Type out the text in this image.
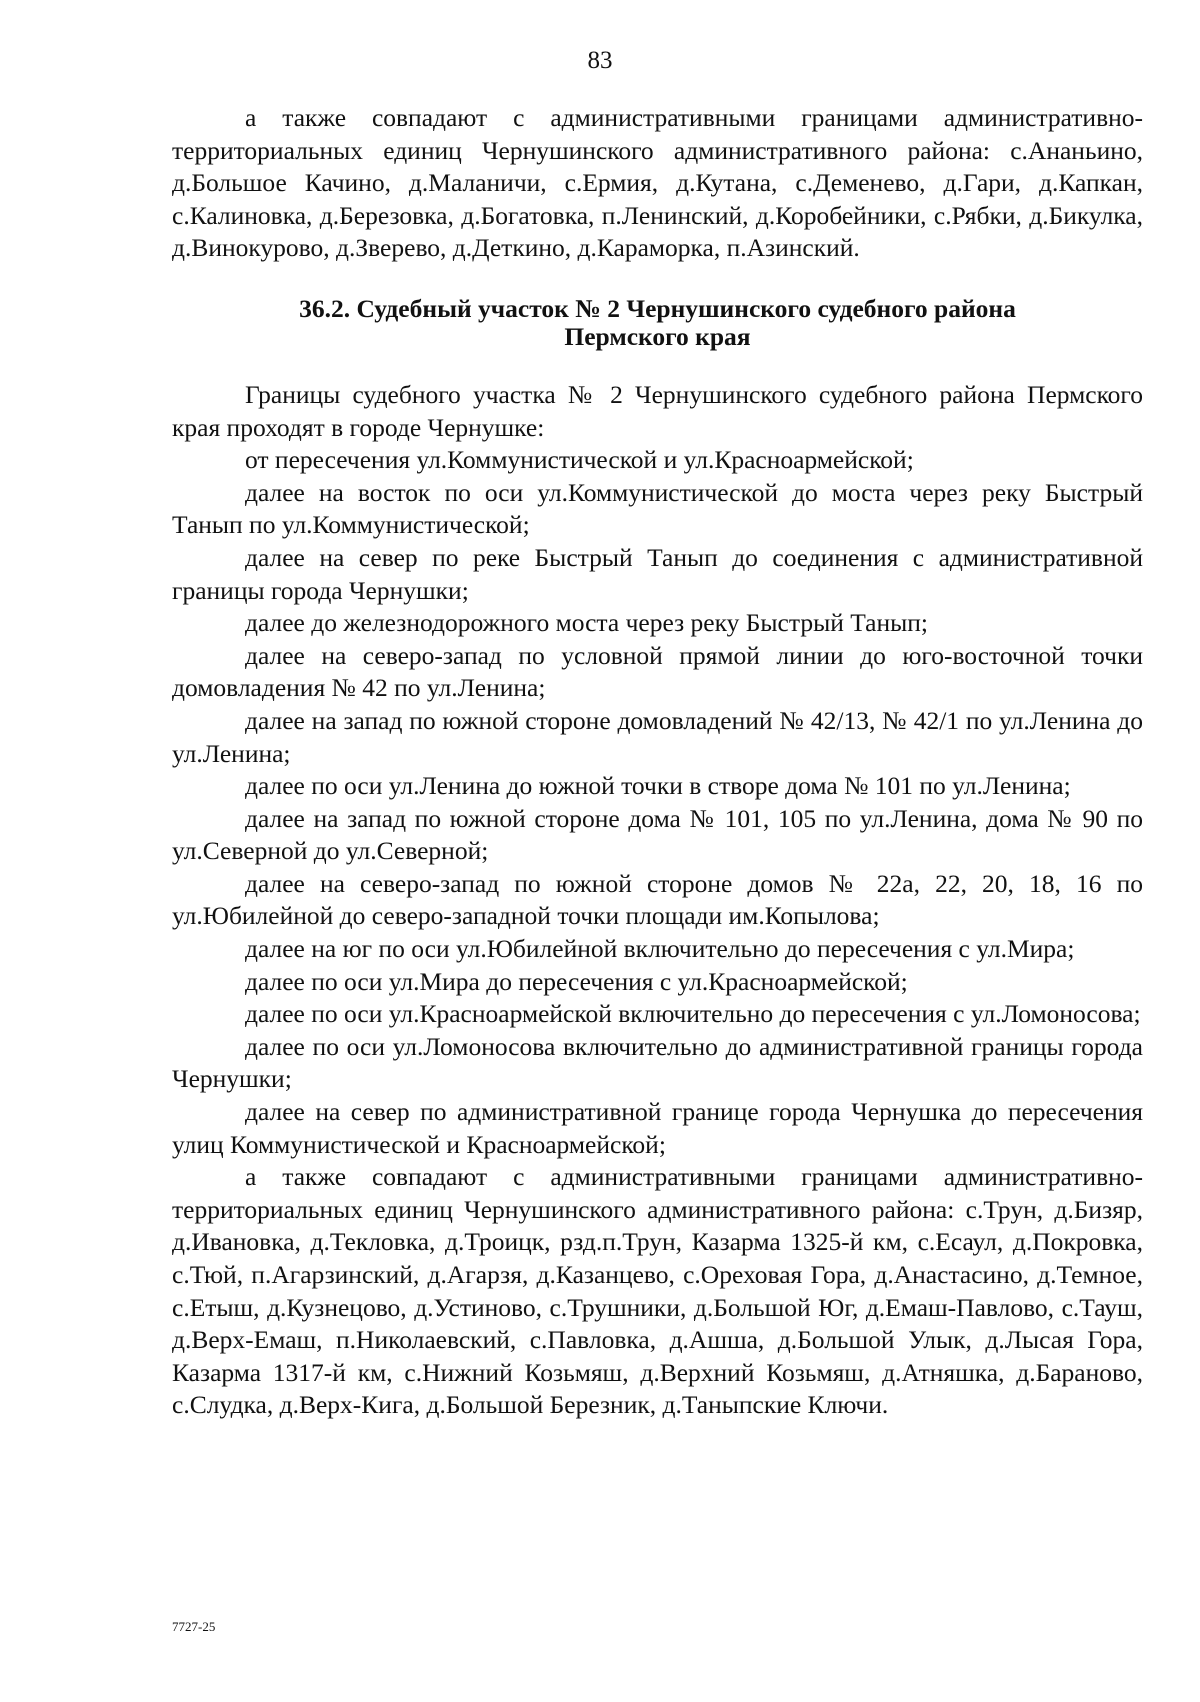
83

а также совпадают с административными границами административно-территориальных единиц Чернушинского административного района: с.Ананьино, д.Большое Качино, д.Маланичи, с.Ермия, д.Кутана, с.Деменево, д.Гари, д.Капкан, с.Калиновка, д.Березовка, д.Богатовка, п.Ленинский, д.Коробейники, с.Рябки, д.Бикулка, д.Винокурово, д.Зверево, д.Деткино, д.Караморка, п.Азинский.

36.2. Судебный участок № 2 Чернушинского судебного района

Пермского края

Границы судебного участка № 2 Чернушинского судебного района Пермского края проходят в городе Чернушке:

от пересечения ул.Коммунистической и ул.Красноармейской;

далее на восток по оси ул.Коммунистической до моста через реку Быстрый Танып по ул.Коммунистической;

далее на север по реке Быстрый Танып до соединения с административной границы города Чернушки;

далее до железнодорожного моста через реку Быстрый Танып;

далее на северо-запад по условной прямой линии до юго-восточной точки домовладения № 42 по ул.Ленина;

далее на запад по южной стороне домовладений № 42/13, № 42/1 по ул.Ленина до ул.Ленина;

далее по оси ул.Ленина до южной точки в створе дома № 101 по ул.Ленина;

далее на запад по южной стороне дома № 101, 105 по ул.Ленина, дома № 90 по ул.Северной до ул.Северной;

далее на северо-запад по южной стороне домов № 22а, 22, 20, 18, 16 по ул.Юбилейной до северо-западной точки площади им.Копылова;

далее на юг по оси ул.Юбилейной включительно до пересечения с ул.Мира;

далее по оси ул.Мира до пересечения с ул.Красноармейской;

далее по оси ул.Красноармейской включительно до пересечения с ул.Ломоносова;

далее по оси ул.Ломоносова включительно до административной границы города Чернушки;

далее на север по административной границе города Чернушка до пересечения улиц Коммунистической и Красноармейской;

а также совпадают с административными границами административно-территориальных единиц Чернушинского административного района: с.Трун, д.Бизяр, д.Ивановка, д.Текловка, д.Троицк, рзд.п.Трун, Казарма 1325-й км, с.Есаул, д.Покровка, с.Тюй, п.Агарзинский, д.Агарзя, д.Казанцево, с.Ореховая Гора, д.Анастасино, д.Темное, с.Етыш, д.Кузнецово, д.Устиново, с.Трушники, д.Большой Юг, д.Емаш-Павлово, с.Тауш, д.Верх-Емаш, п.Николаевский, с.Павловка, д.Ашша, д.Большой Улык, д.Лысая Гора, Казарма 1317-й км, с.Нижний Козьмяш, д.Верхний Козьмяш, д.Атняшка, д.Бараново, с.Слудка, д.Верх-Кига, д.Большой Березник, д.Таныпские Ключи.

7727-25
